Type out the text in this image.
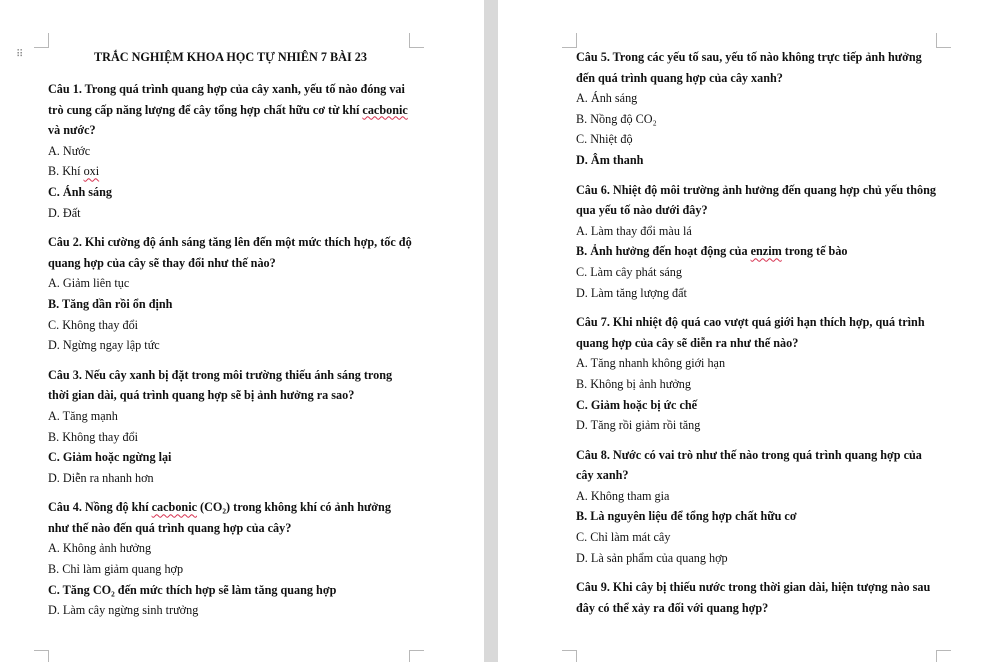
⠿	TRẮC NGHIỆM KHOA HỌC TỰ NHIÊN 7 BÀI 23

Câu 1. Trong quá trình quang hợp của cây xanh, yếu tố nào đóng vai trò cung cấp năng lượng để cây tổng hợp chất hữu cơ từ khí cacbonic và nước?

A. Nước

B. Khí oxi

C. Ánh sáng

D. Đất

Câu 2. Khi cường độ ánh sáng tăng lên đến một mức thích hợp, tốc độ quang hợp của cây sẽ thay đổi như thế nào?

A. Giảm liên tục

B. Tăng dần rồi ổn định

C. Không thay đổi

D. Ngừng ngay lập tức

Câu 3. Nếu cây xanh bị đặt trong môi trường thiếu ánh sáng trong thời gian dài, quá trình quang hợp sẽ bị ảnh hưởng ra sao?

A. Tăng mạnh

B. Không thay đổi

C. Giảm hoặc ngừng lại

D. Diễn ra nhanh hơn

Câu 4. Nồng độ khí cacbonic (CO₂) trong không khí có ảnh hưởng như thế nào đến quá trình quang hợp của cây?

A. Không ảnh hưởng

B. Chỉ làm giảm quang hợp

C. Tăng CO₂ đến mức thích hợp sẽ làm tăng quang hợp

D. Làm cây ngừng sinh trưởng

Câu 5. Trong các yếu tố sau, yếu tố nào không trực tiếp ảnh hưởng đến quá trình quang hợp của cây xanh?

A. Ánh sáng

B. Nồng độ CO₂

C. Nhiệt độ

D. Âm thanh

Câu 6. Nhiệt độ môi trường ảnh hưởng đến quang hợp chủ yếu thông qua yếu tố nào dưới đây?

A. Làm thay đổi màu lá

B. Ảnh hưởng đến hoạt động của enzim trong tế bào

C. Làm cây phát sáng

D. Làm tăng lượng đất

Câu 7. Khi nhiệt độ quá cao vượt quá giới hạn thích hợp, quá trình quang hợp của cây sẽ diễn ra như thế nào?

A. Tăng nhanh không giới hạn

B. Không bị ảnh hưởng

C. Giảm hoặc bị ức chế

D. Tăng rồi giảm rồi tăng

Câu 8. Nước có vai trò như thế nào trong quá trình quang hợp của cây xanh?

A. Không tham gia

B. Là nguyên liệu để tổng hợp chất hữu cơ

C. Chỉ làm mát cây

D. Là sản phẩm của quang hợp

Câu 9. Khi cây bị thiếu nước trong thời gian dài, hiện tượng nào sau đây có thể xảy ra đối với quang hợp?
